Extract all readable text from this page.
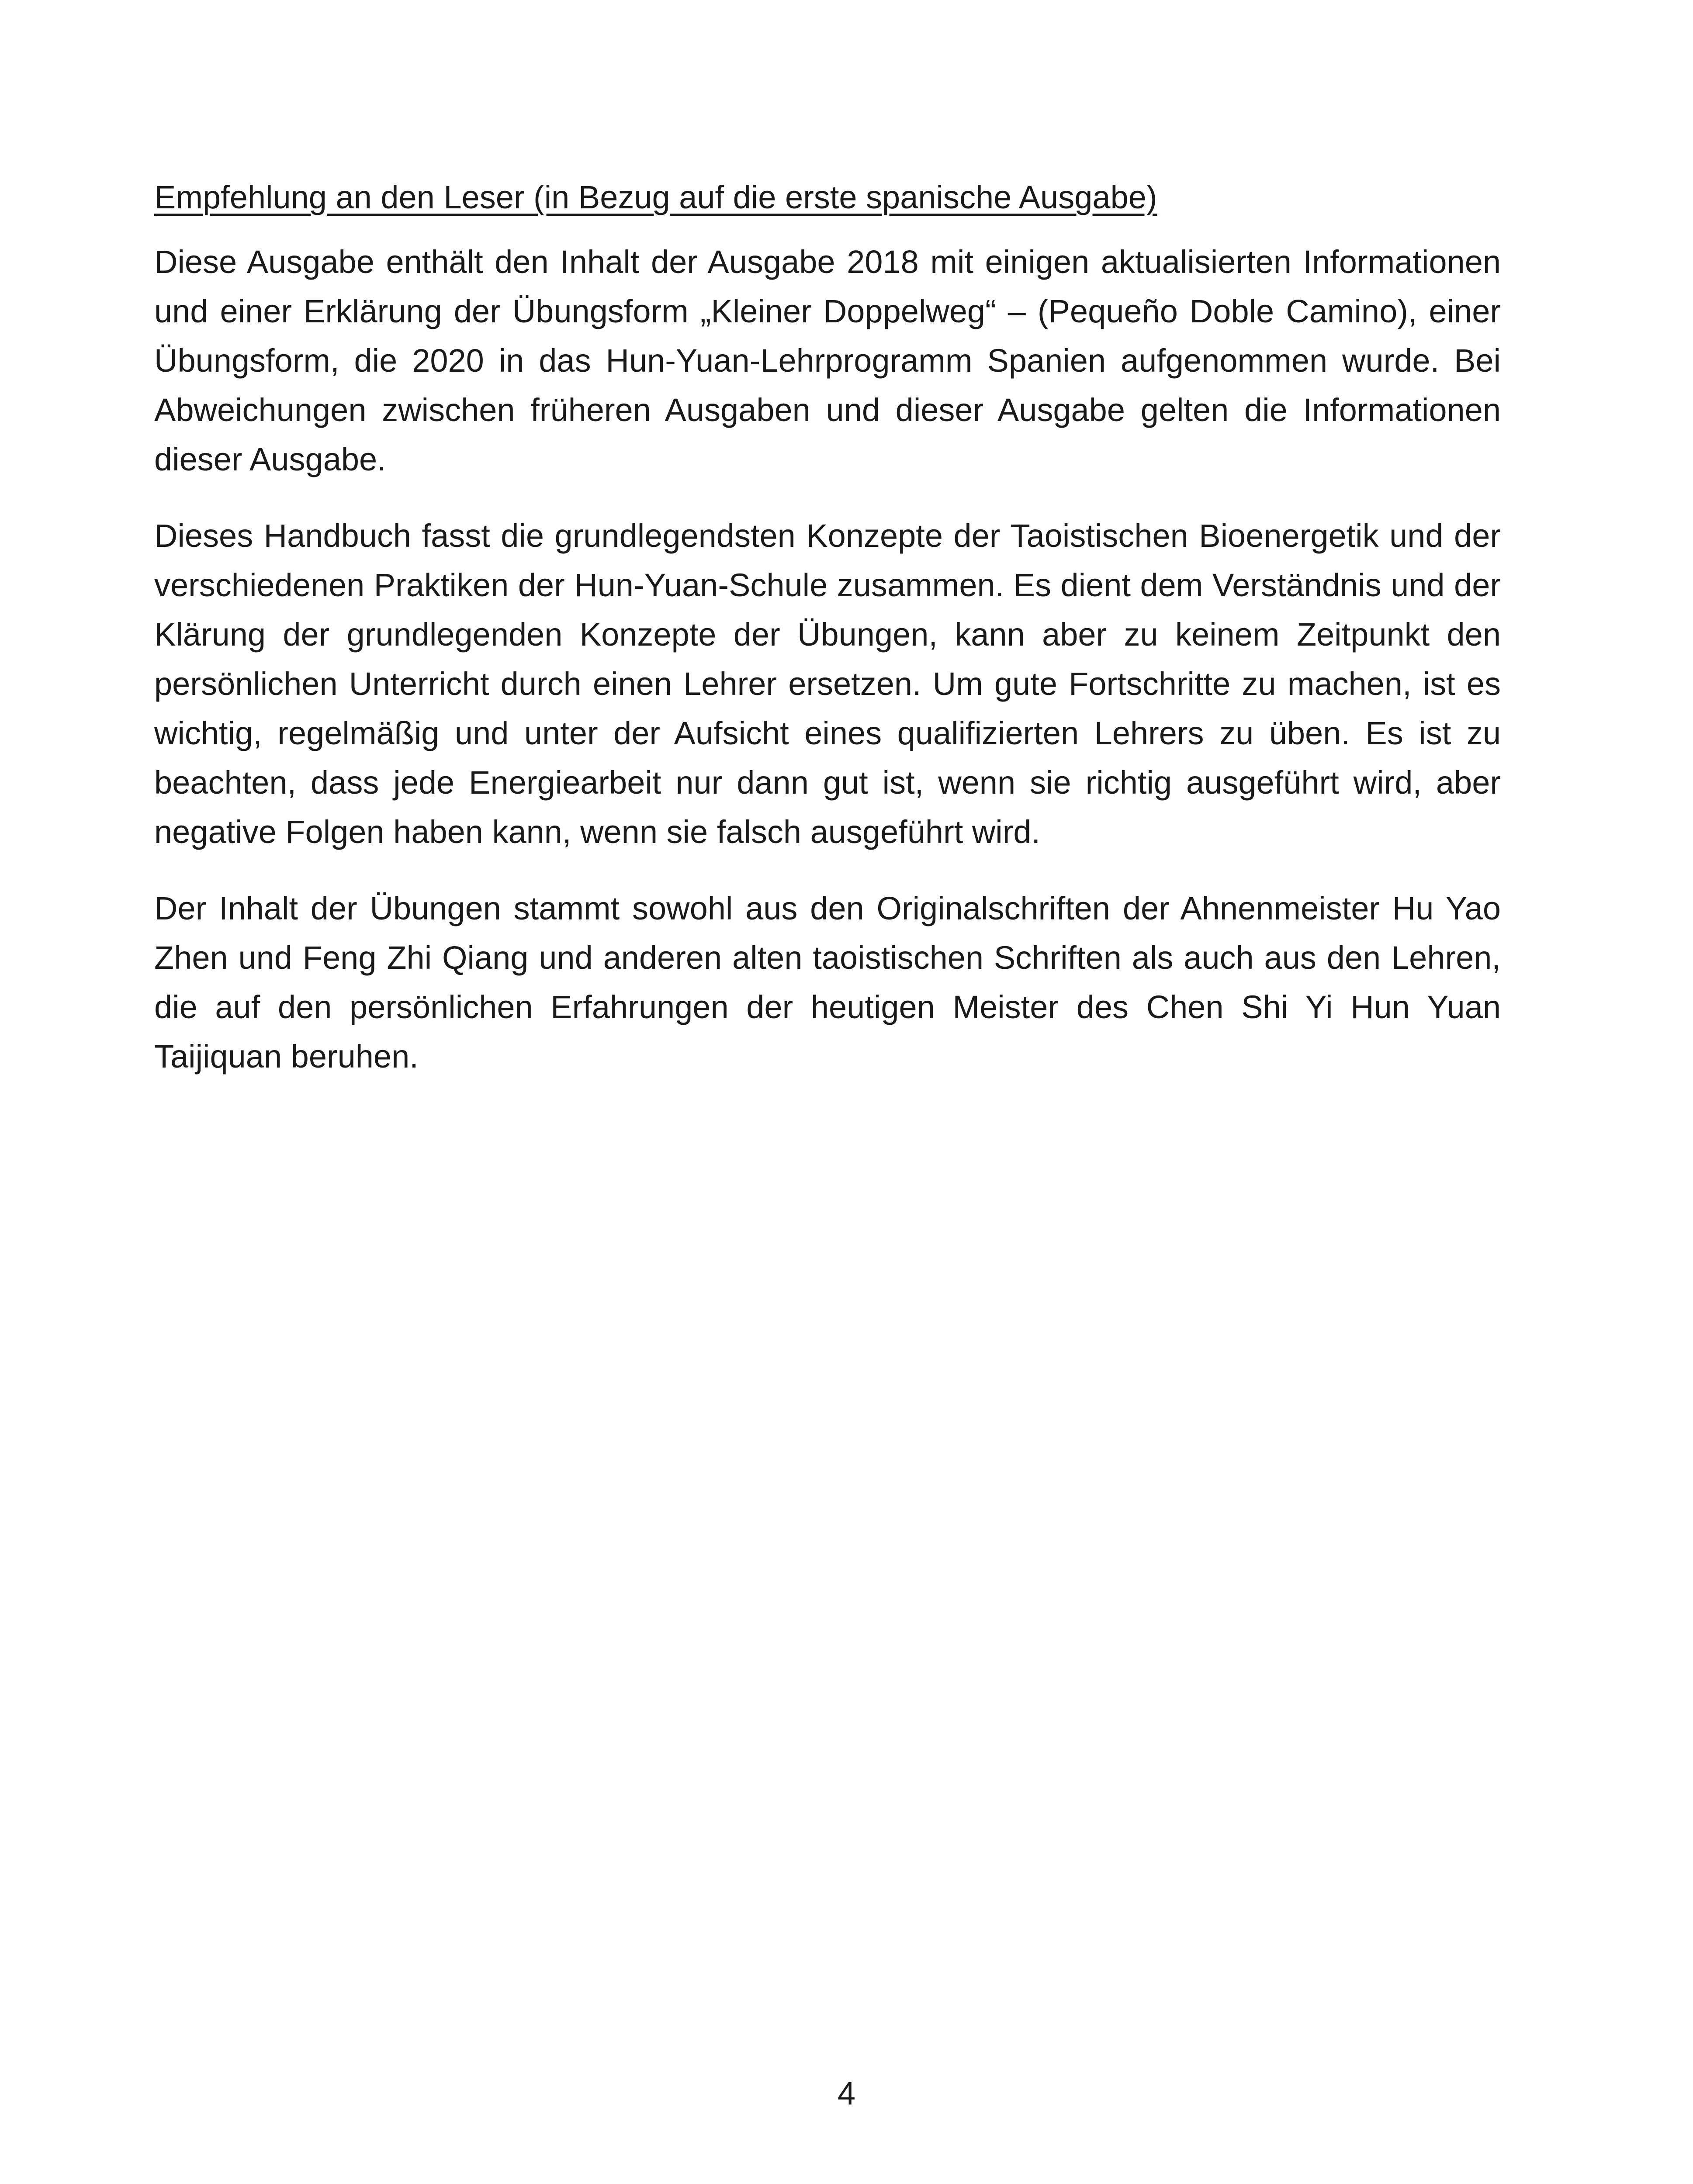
Empfehlung an den Leser (in Bezug auf die erste spanische Ausgabe)

Diese Ausgabe enthält den Inhalt der Ausgabe 2018 mit einigen aktualisierten Informationen und einer Erklärung der Übungsform „Kleiner Doppelweg“ – (Pequeño Doble Camino), einer Übungsform, die 2020 in das Hun-Yuan-Lehrprogramm Spanien aufgenommen wurde. Bei Abweichungen zwischen früheren Ausgaben und dieser Ausgabe gelten die Informationen dieser Ausgabe.

Dieses Handbuch fasst die grundlegendsten Konzepte der Taoistischen Bioenergetik und der verschiedenen Praktiken der Hun-Yuan-Schule zusammen. Es dient dem Verständnis und der Klärung der grundlegenden Konzepte der Übungen, kann aber zu keinem Zeitpunkt den persönlichen Unterricht durch einen Lehrer ersetzen. Um gute Fortschritte zu machen, ist es wichtig, regelmäßig und unter der Aufsicht eines qualifizierten Lehrers zu üben. Es ist zu beachten, dass jede Energiearbeit nur dann gut ist, wenn sie richtig ausgeführt wird, aber negative Folgen haben kann, wenn sie falsch ausgeführt wird.

Der Inhalt der Übungen stammt sowohl aus den Originalschriften der Ahnenmeister Hu Yao Zhen und Feng Zhi Qiang und anderen alten taoistischen Schriften als auch aus den Lehren, die auf den persönlichen Erfahrungen der heutigen Meister des Chen Shi Yi Hun Yuan Taijiquan beruhen.

4
